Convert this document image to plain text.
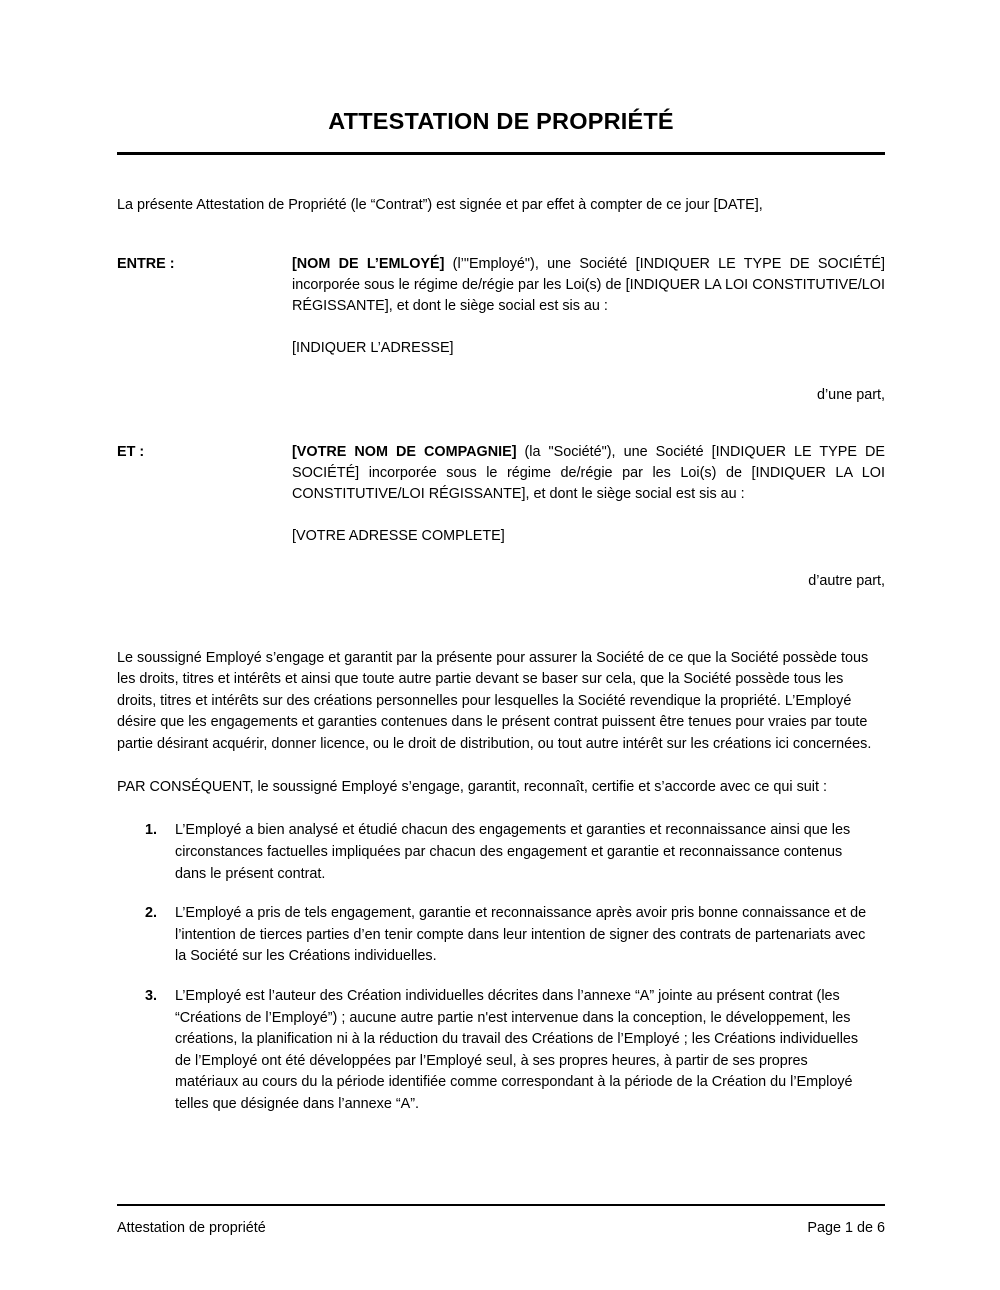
ATTESTATION DE PROPRIÉTÉ

La présente Attestation de Propriété (le “Contrat”) est signée et par effet à compter de ce jour [DATE],

ENTRE :	[NOM DE L’EMLOYÉ] (l’"Employé"), une Société [INDIQUER LE TYPE DE SOCIÉTÉ] incorporée sous le régime de/régie par les Loi(s) de [INDIQUER LA LOI CONSTITUTIVE/LOI RÉGISSANTE], et dont le siège social est sis au :
[INDIQUER L’ADRESSE]
d’une part,
ET :	[VOTRE NOM DE COMPAGNIE] (la "Société"), une Société [INDIQUER LE TYPE DE SOCIÉTÉ] incorporée sous le régime de/régie par les Loi(s) de [INDIQUER LA LOI CONSTITUTIVE/LOI RÉGISSANTE], et dont le siège social est sis au :
[VOTRE ADRESSE COMPLETE]
d’autre part,

Le soussigné Employé s’engage et garantit par la présente pour assurer la Société de ce que la Société possède tous les droits, titres et intérêts et ainsi que toute autre partie devant se baser sur cela, que la Société possède tous les droits, titres et intérêts sur des créations personnelles pour lesquelles la Société revendique la propriété. L’Employé désire que les engagements et garanties contenues dans le présent contrat puissent être tenues pour vraies par toute partie désirant acquérir, donner licence, ou le droit de distribution, ou tout autre intérêt sur les créations ici concernées.

PAR CONSÉQUENT, le soussigné Employé s’engage, garantit, reconnaît, certifie et s’accorde avec ce qui suit :

1.	L’Employé a bien analysé et étudié chacun des engagements et garanties et reconnaissance ainsi que les circonstances factuelles impliquées par chacun des engagement et garantie et reconnaissance contenus dans le présent contrat.
2.	L’Employé a pris de tels engagement, garantie et reconnaissance après avoir pris bonne connaissance et de l’intention de tierces parties d’en tenir compte dans leur intention de signer des contrats de partenariats avec la Société sur les Créations individuelles.
3.	L’Employé est l’auteur des Création individuelles décrites dans l’annexe “A” jointe au présent contrat (les “Créations de l’Employé”) ; aucune autre partie n'est intervenue dans la conception, le développement, les créations, la planification ni à la réduction du travail des Créations de l’Employé ; les Créations individuelles de l’Employé ont été développées par l’Employé seul, à ses propres heures, à partir de ses propres matériaux au cours du la période identifiée comme correspondant à la période de la Création du l’Employé telles que désignée dans l’annexe “A”.
Attestation de propriété	Page 1 de 6
